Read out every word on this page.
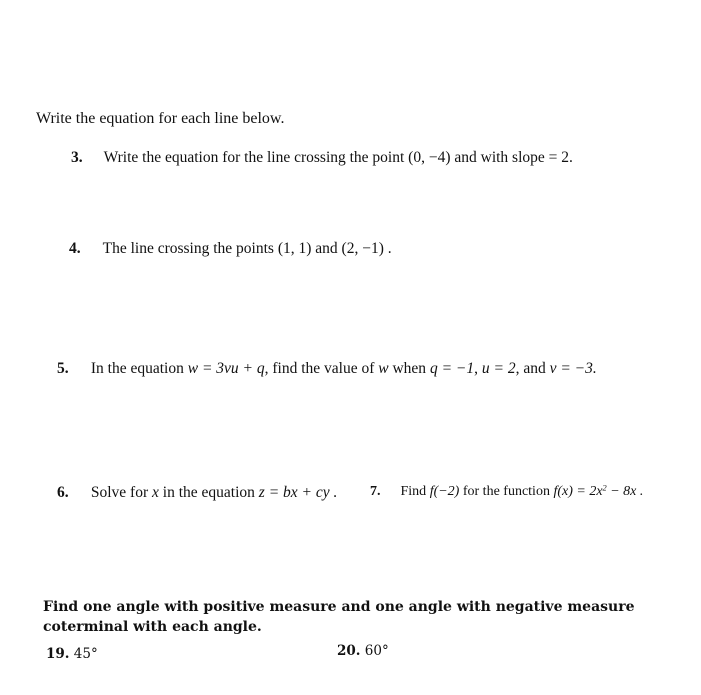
Write the equation for each line below.
3. Write the equation for the line crossing the point (0, −4) and with slope = 2.
4. The line crossing the points (1, 1) and (2, −1) .
5. In the equation w = 3vu + q, find the value of w when q = −1, u = 2, and v = −3.
6. Solve for x in the equation z = bx + cy . 7. Find f(−2) for the function $f(x) = 2x^2 - 8x$ .
Find one angle with positive measure and one angle with negative measure coterminal with each angle.
19. 45°	20. 60°
